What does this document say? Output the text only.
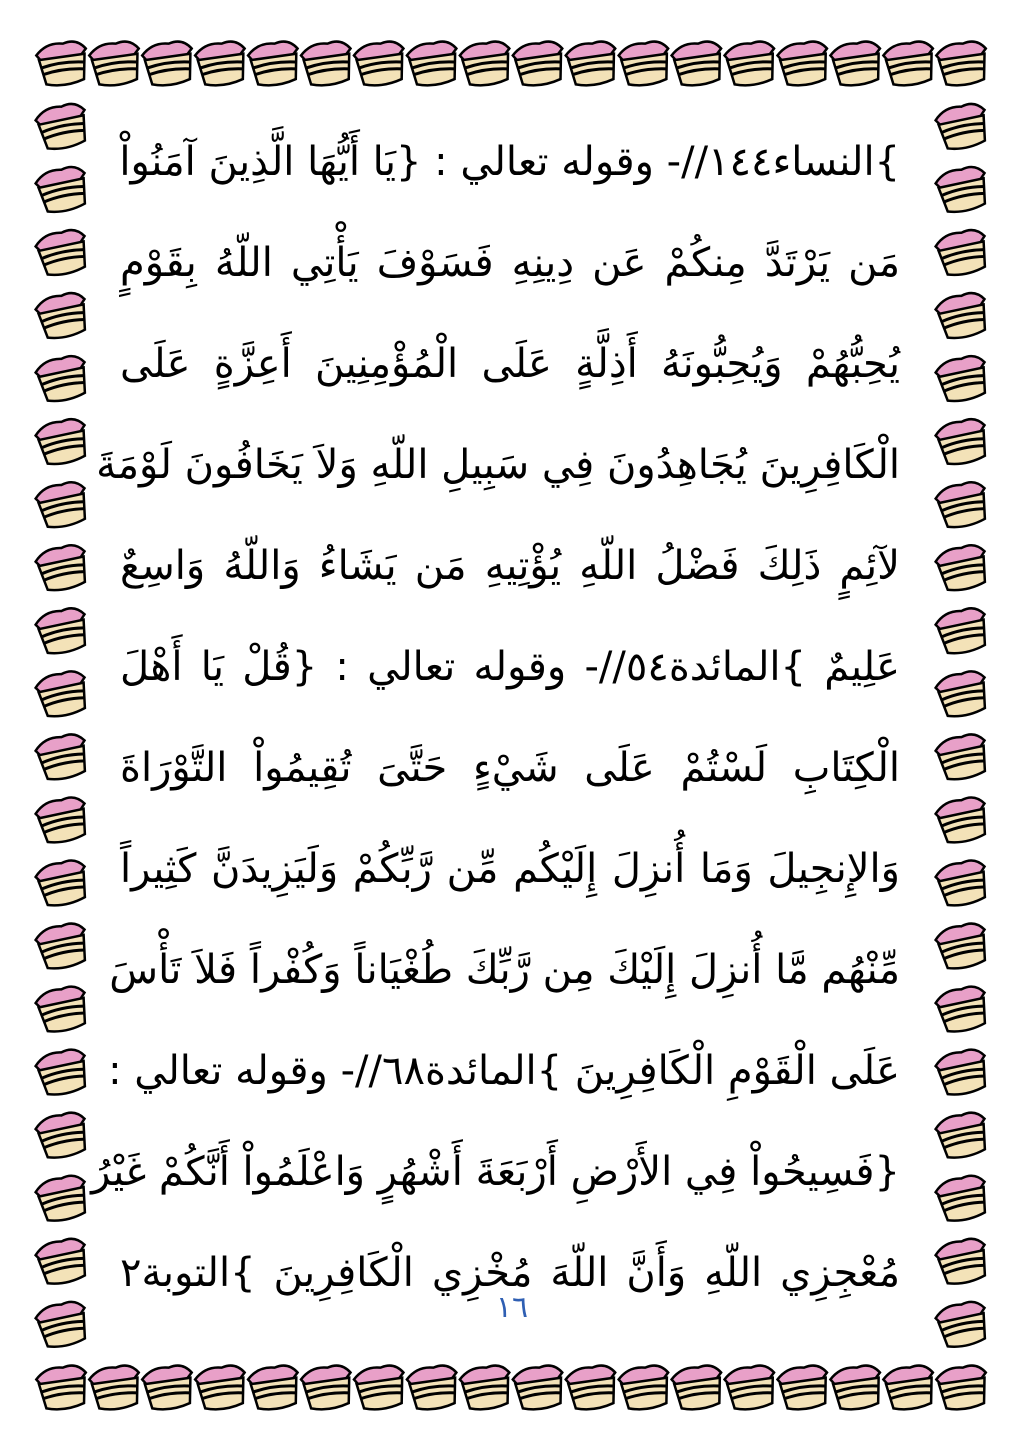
}النساء١٤٤//- وقوله تعالي : {يَا أَيُّهَا الَّذِينَ آمَنُواْ
مَن يَرْتَدَّ مِنكُمْ عَن دِينِهِ فَسَوْفَ يَأْتِي اللّهُ بِقَوْمٍ
يُحِبُّهُمْ وَيُحِبُّونَهُ أَذِلَّةٍ عَلَى الْمُؤْمِنِينَ أَعِزَّةٍ عَلَى
الْكَافِرِينَ يُجَاهِدُونَ فِي سَبِيلِ اللّهِ وَلاَ يَخَافُونَ لَوْمَةَ
لآئِمٍ ذَلِكَ فَضْلُ اللّهِ يُؤْتِيهِ مَن يَشَاءُ وَاللّهُ وَاسِعٌ
عَلِيمٌ }المائدة٥٤//- وقوله تعالي : {قُلْ يَا أَهْلَ
الْكِتَابِ لَسْتُمْ عَلَى شَيْءٍ حَتَّىَ تُقِيمُواْ التَّوْرَاةَ
وَالإِنجِيلَ وَمَا أُنزِلَ إِلَيْكُم مِّن رَّبِّكُمْ وَلَيَزِيدَنَّ كَثِيراً
مِّنْهُم مَّا أُنزِلَ إِلَيْكَ مِن رَّبِّكَ طُغْيَاناً وَكُفْراً فَلاَ تَأْسَ
عَلَى الْقَوْمِ الْكَافِرِينَ }المائدة٦٨//- وقوله تعالي :
{فَسِيحُواْ فِي الأَرْضِ أَرْبَعَةَ أَشْهُرٍ وَاعْلَمُواْ أَنَّكُمْ غَيْرُ
مُعْجِزِي اللّهِ وَأَنَّ اللّهَ مُخْزِي الْكَافِرِينَ }التوبة٢
١٦
